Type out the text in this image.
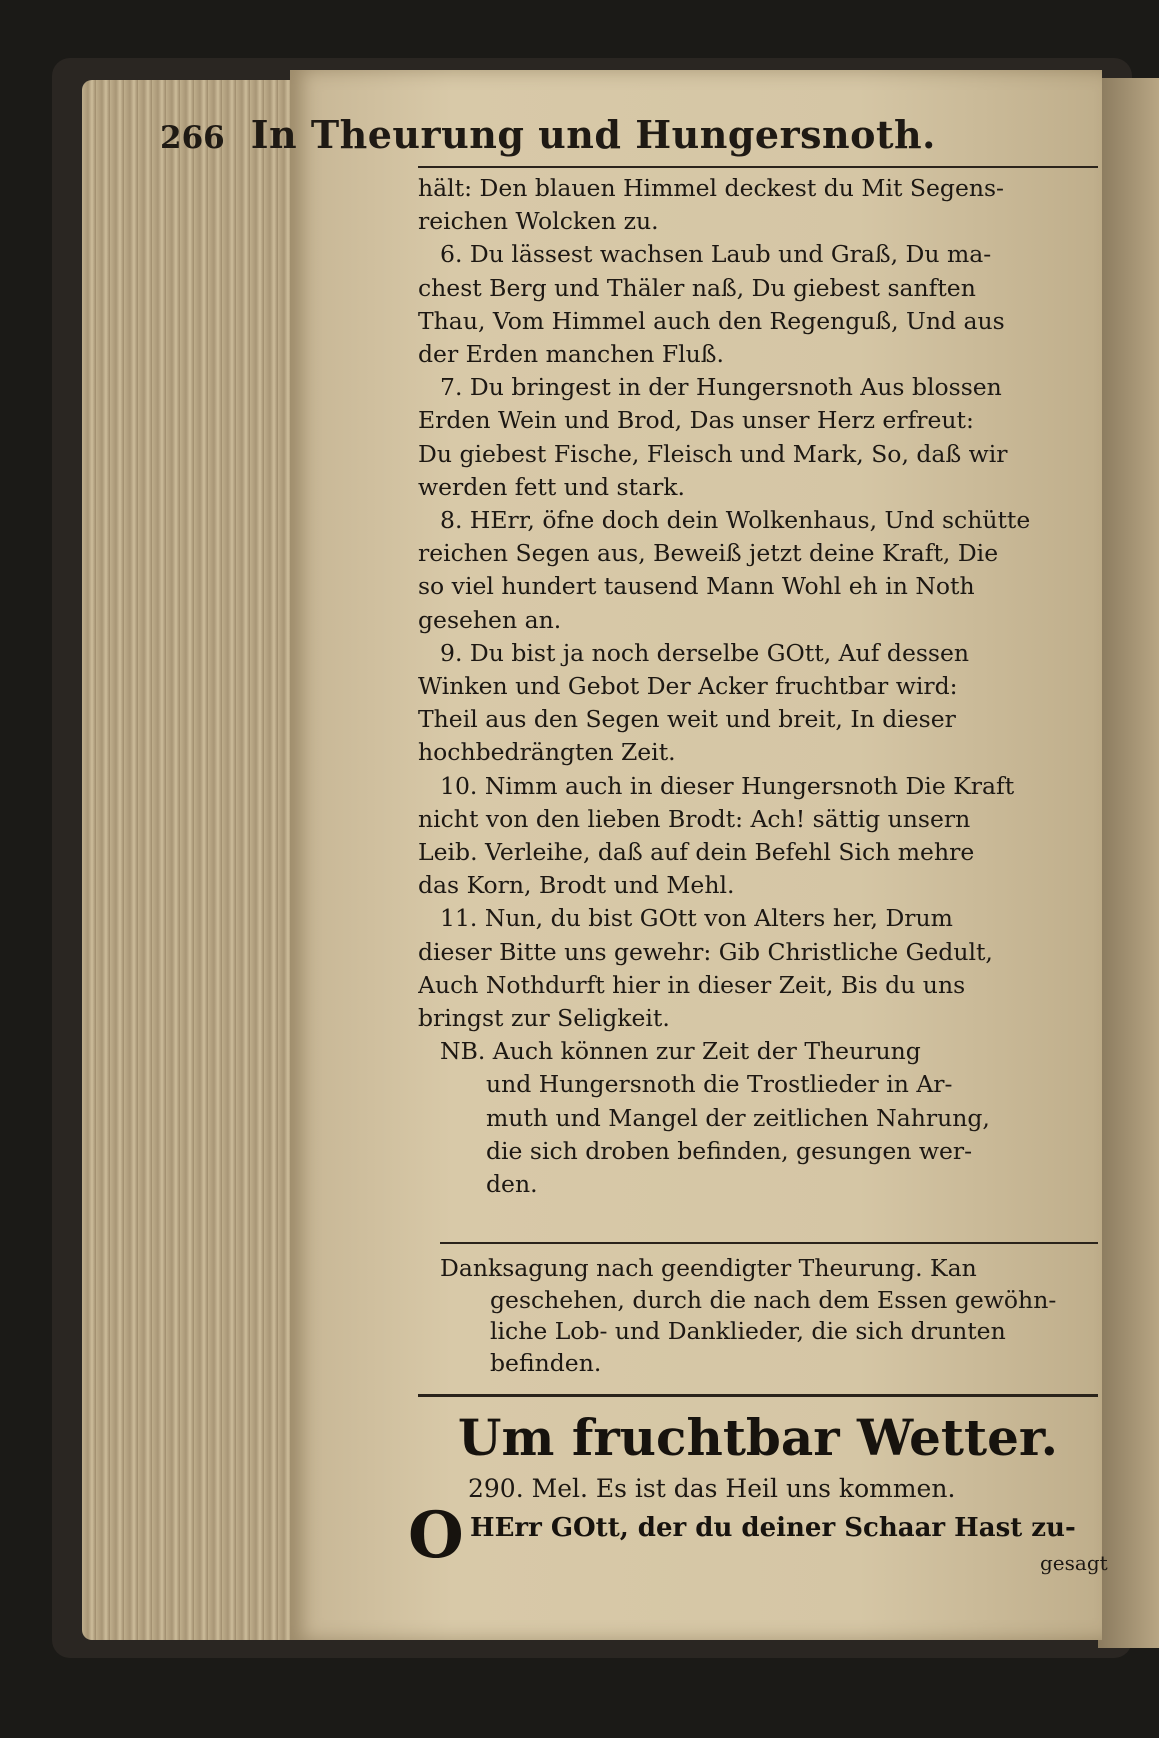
266 In Theurung und Hungersnoth.

hält: Den blauen Himmel deckest du Mit Segens-

reichen Wolcken zu.

6. Du lässest wachsen Laub und Graß, Du ma-

chest Berg und Thäler naß, Du giebest sanften

Thau, Vom Himmel auch den Regenguß, Und aus

der Erden manchen Fluß.

7. Du bringest in der Hungersnoth Aus blossen

Erden Wein und Brod, Das unser Herz erfreut:

Du giebest Fische, Fleisch und Mark, So, daß wir

werden fett und stark.

8. HErr, öfne doch dein Wolkenhaus, Und schütte

reichen Segen aus, Beweiß jetzt deine Kraft, Die

so viel hundert tausend Mann Wohl eh in Noth

gesehen an.

9. Du bist ja noch derselbe GOtt, Auf dessen

Winken und Gebot Der Acker fruchtbar wird:

Theil aus den Segen weit und breit, In dieser

hochbedrängten Zeit.

10. Nimm auch in dieser Hungersnoth Die Kraft

nicht von den lieben Brodt: Ach! sättig unsern

Leib. Verleihe, daß auf dein Befehl Sich mehre

das Korn, Brodt und Mehl.

11. Nun, du bist GOtt von Alters her, Drum

dieser Bitte uns gewehr: Gib Christliche Gedult,

Auch Nothdurft hier in dieser Zeit, Bis du uns

bringst zur Seligkeit.

NB. Auch können zur Zeit der Theurung

und Hungersnoth die Trostlieder in Ar-

muth und Mangel der zeitlichen Nahrung,

die sich droben befinden, gesungen wer-

den.

Danksagung nach geendigter Theurung. Kan
geschehen, durch die nach dem Essen gewöhn-
liche Lob- und Danklieder, die sich drunten
befinden.
Um fruchtbar Wetter.
290. Mel. Es ist das Heil uns kommen.
O HErr GOtt, der du deiner Schaar Hast zu-
gesagt
